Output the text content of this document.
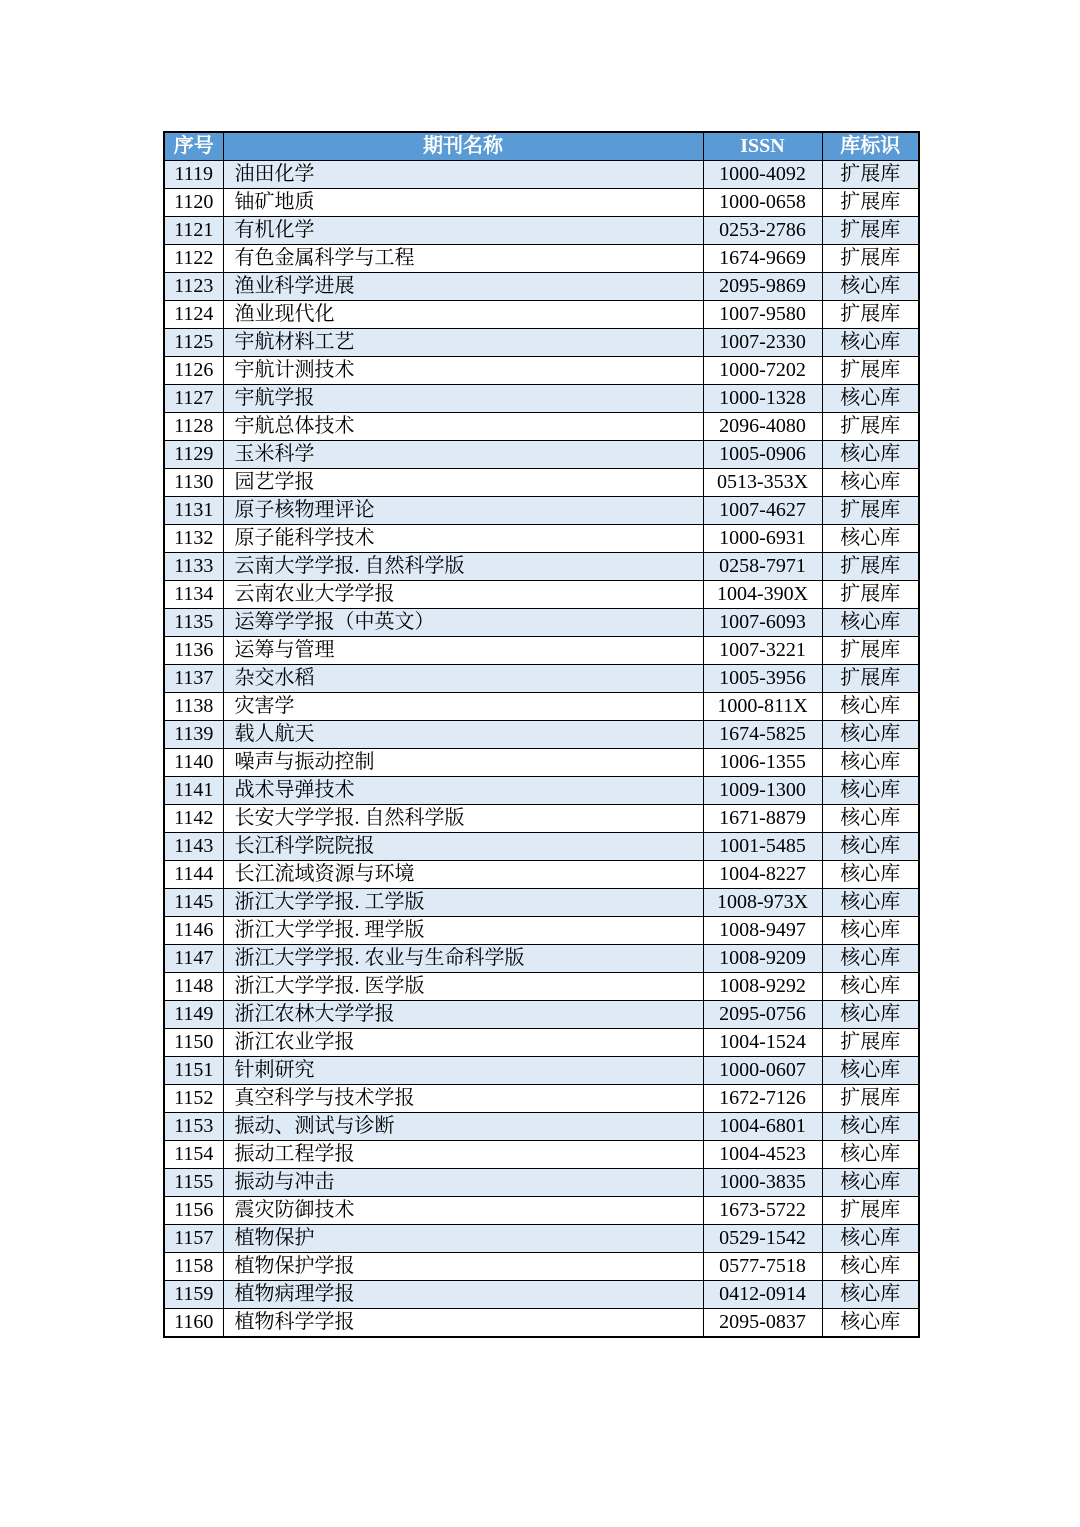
序号	期刊名称	ISSN	库标识
1119	油田化学	1000-4092	扩展库
1120	铀矿地质	1000-0658	扩展库
1121	有机化学	0253-2786	扩展库
1122	有色金属科学与工程	1674-9669	扩展库
1123	渔业科学进展	2095-9869	核心库
1124	渔业现代化	1007-9580	扩展库
1125	宇航材料工艺	1007-2330	核心库
1126	宇航计测技术	1000-7202	扩展库
1127	宇航学报	1000-1328	核心库
1128	宇航总体技术	2096-4080	扩展库
1129	玉米科学	1005-0906	核心库
1130	园艺学报	0513-353X	核心库
1131	原子核物理评论	1007-4627	扩展库
1132	原子能科学技术	1000-6931	核心库
1133	云南大学学报. 自然科学版	0258-7971	扩展库
1134	云南农业大学学报	1004-390X	扩展库
1135	运筹学学报（中英文）	1007-6093	核心库
1136	运筹与管理	1007-3221	扩展库
1137	杂交水稻	1005-3956	扩展库
1138	灾害学	1000-811X	核心库
1139	载人航天	1674-5825	核心库
1140	噪声与振动控制	1006-1355	核心库
1141	战术导弹技术	1009-1300	核心库
1142	长安大学学报. 自然科学版	1671-8879	核心库
1143	长江科学院院报	1001-5485	核心库
1144	长江流域资源与环境	1004-8227	核心库
1145	浙江大学学报. 工学版	1008-973X	核心库
1146	浙江大学学报. 理学版	1008-9497	核心库
1147	浙江大学学报. 农业与生命科学版	1008-9209	核心库
1148	浙江大学学报. 医学版	1008-9292	核心库
1149	浙江农林大学学报	2095-0756	核心库
1150	浙江农业学报	1004-1524	扩展库
1151	针刺研究	1000-0607	核心库
1152	真空科学与技术学报	1672-7126	扩展库
1153	振动、测试与诊断	1004-6801	核心库
1154	振动工程学报	1004-4523	核心库
1155	振动与冲击	1000-3835	核心库
1156	震灾防御技术	1673-5722	扩展库
1157	植物保护	0529-1542	核心库
1158	植物保护学报	0577-7518	核心库
1159	植物病理学报	0412-0914	核心库
1160	植物科学学报	2095-0837	核心库
